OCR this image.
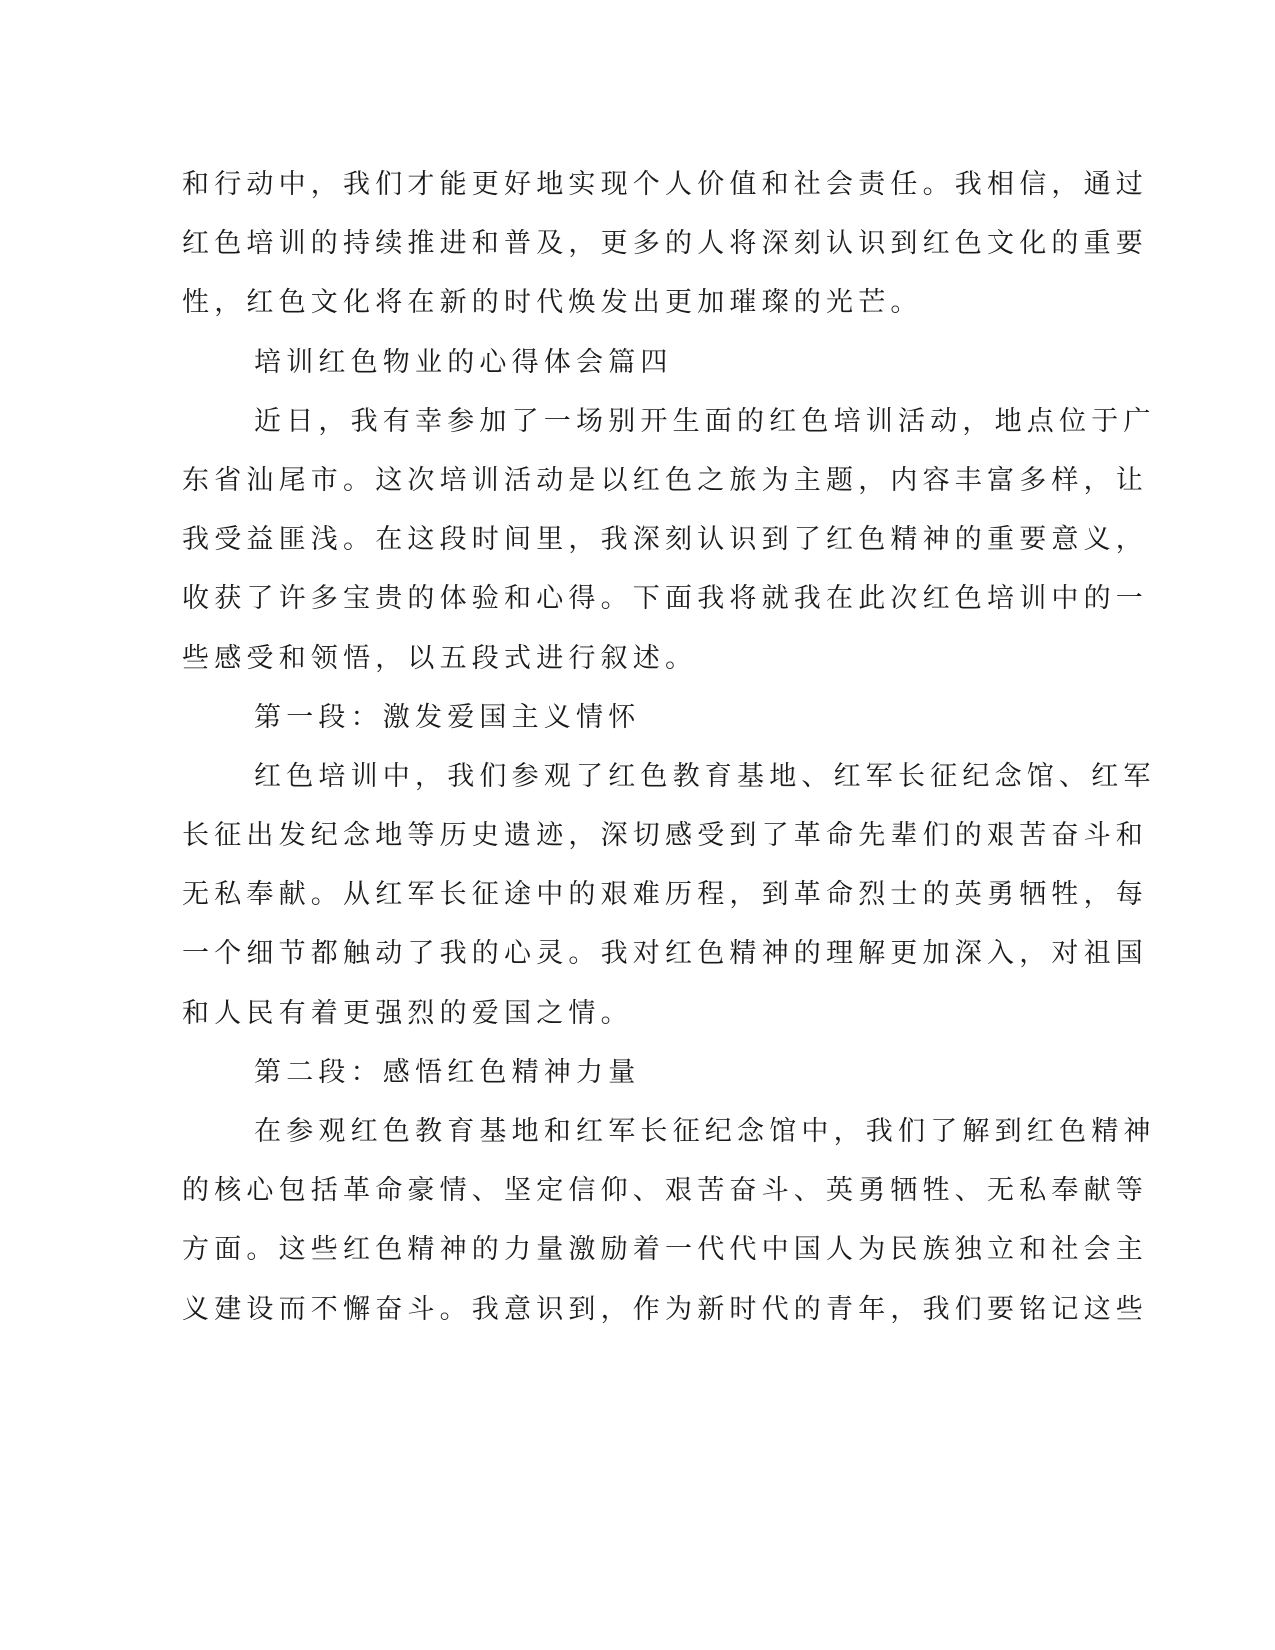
和行动中，我们才能更好地实现个人价值和社会责任。我相信，通过
红色培训的持续推进和普及，更多的人将深刻认识到红色文化的重要
性，红色文化将在新的时代焕发出更加璀璨的光芒。
培训红色物业的心得体会篇四
近日，我有幸参加了一场别开生面的红色培训活动，地点位于广
东省汕尾市。这次培训活动是以红色之旅为主题，内容丰富多样，让
我受益匪浅。在这段时间里，我深刻认识到了红色精神的重要意义，
收获了许多宝贵的体验和心得。下面我将就我在此次红色培训中的一
些感受和领悟，以五段式进行叙述。
第一段：激发爱国主义情怀
红色培训中，我们参观了红色教育基地、红军长征纪念馆、红军
长征出发纪念地等历史遗迹，深切感受到了革命先辈们的艰苦奋斗和
无私奉献。从红军长征途中的艰难历程，到革命烈士的英勇牺牲，每
一个细节都触动了我的心灵。我对红色精神的理解更加深入，对祖国
和人民有着更强烈的爱国之情。
第二段：感悟红色精神力量
在参观红色教育基地和红军长征纪念馆中，我们了解到红色精神
的核心包括革命豪情、坚定信仰、艰苦奋斗、英勇牺牲、无私奉献等
方面。这些红色精神的力量激励着一代代中国人为民族独立和社会主
义建设而不懈奋斗。我意识到，作为新时代的青年，我们要铭记这些
